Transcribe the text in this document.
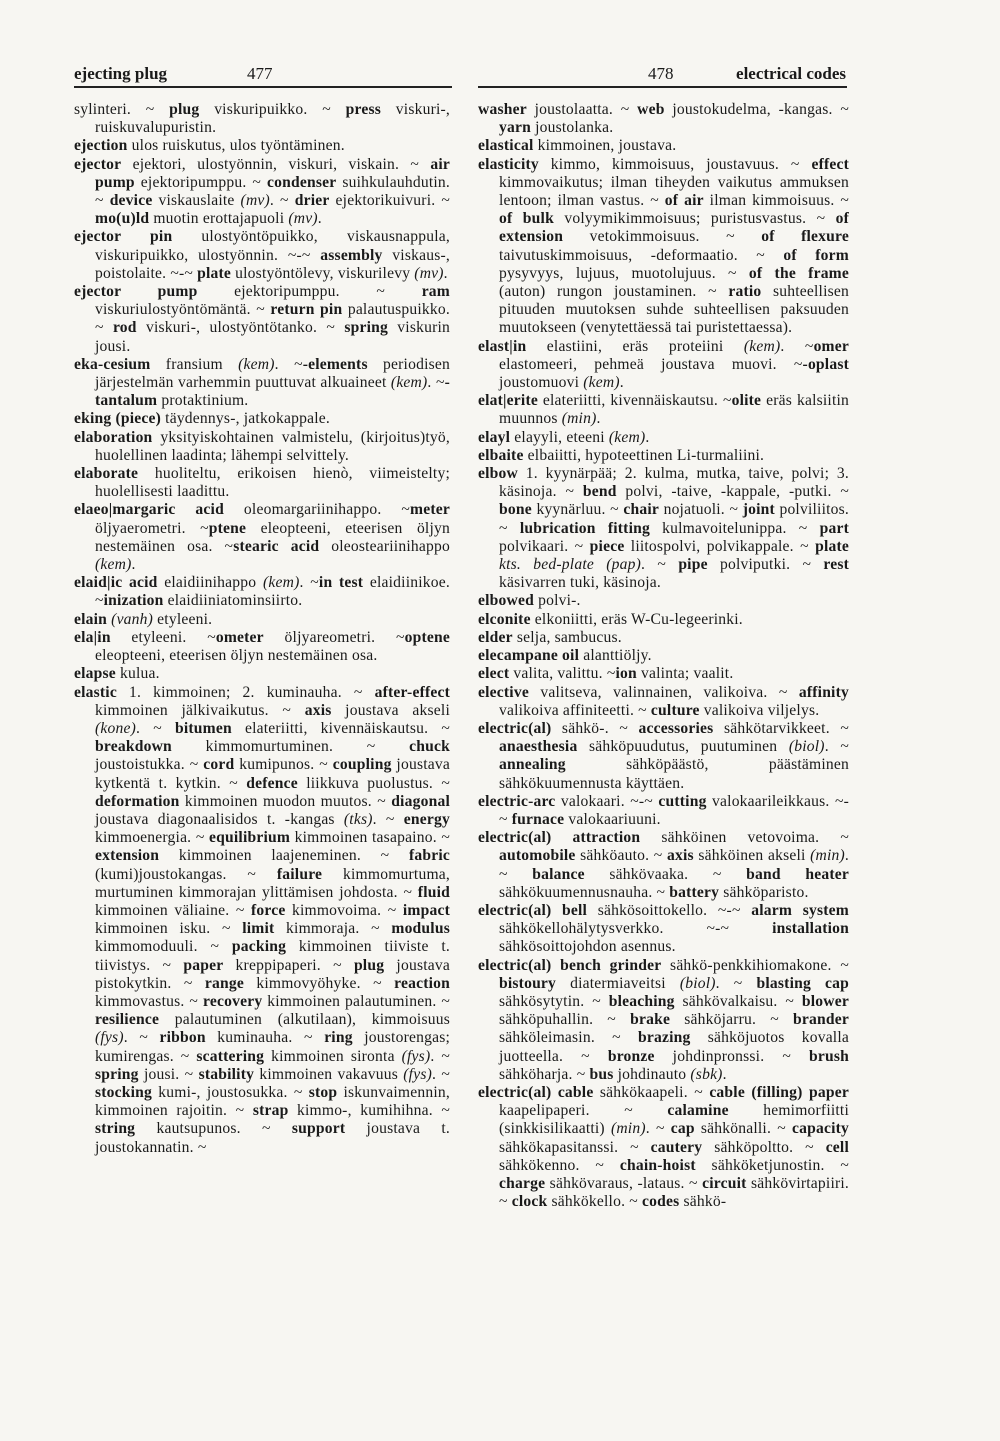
ejecting plug	477	478	electrical codes

sylinteri. ~ plug viskuripuikko. ~ press viskuri-, ruiskuvalupuristin.

ejection ulos ruiskutus, ulos työntäminen.

ejector ejektori, ulostyönnin, viskuri, viskain. ~ air pump ejektoripumppu. ~ condenser suihkulauhdutin. ~ device viskauslaite (mv). ~ drier ejektorikuivuri. ~ mo(u)ld muotin erottajapuoli (mv).

ejector pin ulostyöntöpuikko, viskausnappula, viskuripuikko, ulostyönnin. ~-~ assembly viskaus-, poistolaite. ~-~ plate ulostyöntölevy, viskurilevy (mv).

ejector pump ejektoripumppu. ~ ram viskuriulostyöntömäntä. ~ return pin palautuspuikko. ~ rod viskuri-, ulostyöntötanko. ~ spring viskurin jousi.

eka-cesium fransium (kem). ~-elements periodisen järjestelmän varhemmin puuttuvat alkuaineet (kem). ~-tantalum protaktinium.

eking (piece) täydennys-, jatkokappale.

elaboration yksityiskohtainen valmistelu, (kirjoitus)työ, huolellinen laadinta; lähempi selvittely.

elaborate huoliteltu, erikoisen hienò, viimeistelty; huolellisesti laadittu.

elaeo|margaric acid oleomargariinihappo. ~meter öljyaerometri. ~ptene eleopteeni, eteerisen öljyn nestemäinen osa. ~stearic acid oleosteariinihappo (kem).

elaid|ic acid elaidiinihappo (kem). ~in test elaidiinikoe. ~inization elaidiiniatominsiirto.

elain (vanh) etyleeni.

ela|in etyleeni. ~ometer öljyareometri. ~optene eleopteeni, eteerisen öljyn nestemäinen osa.

elapse kulua.

elastic 1. kimmoinen; 2. kuminauha. ~ after-effect kimmoinen jälkivaikutus. ~ axis joustava akseli (kone). ~ bitumen elateriitti, kivennäiskautsu. ~ breakdown kimmomurtuminen. ~ chuck joustoistukka. ~ cord kumipunos. ~ coupling joustava kytkentä t. kytkin. ~ defence liikkuva puolustus. ~ deformation kimmoinen muodon muutos. ~ diagonal joustava diagonaalisidos t. -kangas (tks). ~ energy kimmoenergia. ~ equilibrium kimmoinen tasapaino. ~ extension kimmoinen laajeneminen. ~ fabric (kumi)joustokangas. ~ failure kimmomurtuma, murtuminen kimmorajan ylittämisen johdosta. ~ fluid kimmoinen väliaine. ~ force kimmovoima. ~ impact kimmoinen isku. ~ limit kimmoraja. ~ modulus kimmomoduuli. ~ packing kimmoinen tiiviste t. tiivistys. ~ paper kreppipaperi. ~ plug joustava pistokytkin. ~ range kimmovyöhyke. ~ reaction kimmovastus. ~ recovery kimmoinen palautuminen. ~ resilience palautuminen (alkutilaan), kimmoisuus (fys). ~ ribbon kuminauha. ~ ring joustorengas; kumirengas. ~ scattering kimmoinen sironta (fys). ~ spring jousi. ~ stability kimmoinen vakavuus (fys). ~ stocking kumi-, joustosukka. ~ stop iskunvaimennin, kimmoinen rajoitin. ~ strap kimmo-, kumihihna. ~ string kautsupunos. ~ support joustava t. joustokannatin. ~

washer joustolaatta. ~ web joustokudelma, -kangas. ~ yarn joustolanka.

elastical kimmoinen, joustava.

elasticity kimmo, kimmoisuus, joustavuus. ~ effect kimmovaikutus; ilman tiheyden vaikutus ammuksen lentoon; ilman vastus. ~ of air ilman kimmoisuus. ~ of bulk volyymikimmoisuus; puristusvastus. ~ of extension vetokimmoisuus. ~ of flexure taivutuskimmoisuus, -deformaatio. ~ of form pysyvyys, lujuus, muotolujuus. ~ of the frame (auton) rungon joustaminen. ~ ratio suhteellisen pituuden muutoksen suhde suhteellisen paksuuden muutokseen (venytettäessä tai puristettaessa).

elast|in elastiini, eräs proteiini (kem). ~omer elastomeeri, pehmeä joustava muovi. ~-oplast joustomuovi (kem).

elat|erite elateriitti, kivennäiskautsu. ~olite eräs kalsiitin muunnos (min).

elayl elayyli, eteeni (kem).

elbaite elbaiitti, hypoteettinen Li-turmaliini.

elbow 1. kyynärpää; 2. kulma, mutka, taive, polvi; 3. käsinoja. ~ bend polvi, -taive, -kappale, -putki. ~ bone kyynärluu. ~ chair nojatuoli. ~ joint polviliitos. ~ lubrication fitting kulmavoitelunippa. ~ part polvikaari. ~ piece liitospolvi, polvikappale. ~ plate kts. bed-plate (pap). ~ pipe polviputki. ~ rest käsivarren tuki, käsinoja.

elbowed polvi-.

elconite elkoniitti, eräs W-Cu-legeerinki.

elder selja, sambucus.

elecampane oil alanttiöljy.

elect valita, valittu. ~ion valinta; vaalit.

elective valitseva, valinnainen, valikoiva. ~ affinity valikoiva affiniteetti. ~ culture valikoiva viljelys.

electric(al) sähkö-. ~ accessories sähkötarvikkeet. ~ anaesthesia sähköpuudutus, puutuminen (biol). ~ annealing sähköpäästö, päästäminen sähkökuumennusta käyttäen.

electric-arc valokaari. ~-~ cutting valokaarileikkaus. ~-~ furnace valokaariuuni.

electric(al) attraction sähköinen vetovoima. ~ automobile sähköauto. ~ axis sähköinen akseli (min). ~ balance sähkövaaka. ~ band heater sähkökuumennusnauha. ~ battery sähköparisto.

electric(al) bell sähkösoittokello. ~-~ alarm system sähkökellohälytysverkko. ~-~ installation sähkösoittojohdon asennus.

electric(al) bench grinder sähkö-penkkihiomakone. ~ bistoury diatermiaveitsi (biol). ~ blasting cap sähkösytytin. ~ bleaching sähkövalkaisu. ~ blower sähköpuhallin. ~ brake sähköjarru. ~ brander sähköleimasin. ~ brazing sähköjuotos kovalla juotteella. ~ bronze johdinpronssi. ~ brush sähköharja. ~ bus johdinauto (sbk).

electric(al) cable sähkökaapeli. ~ cable (filling) paper kaapelipaperi. ~ calamine hemimorfiitti (sinkkisilikaatti) (min). ~ cap sähkönalli. ~ capacity sähkökapasitanssi. ~ cautery sähköpoltto. ~ cell sähkökenno. ~ chain-hoist sähköketjunostin. ~ charge sähkövaraus, -lataus. ~ circuit sähkövirtapiiri. ~ clock sähkökello. ~ codes sähkö-
